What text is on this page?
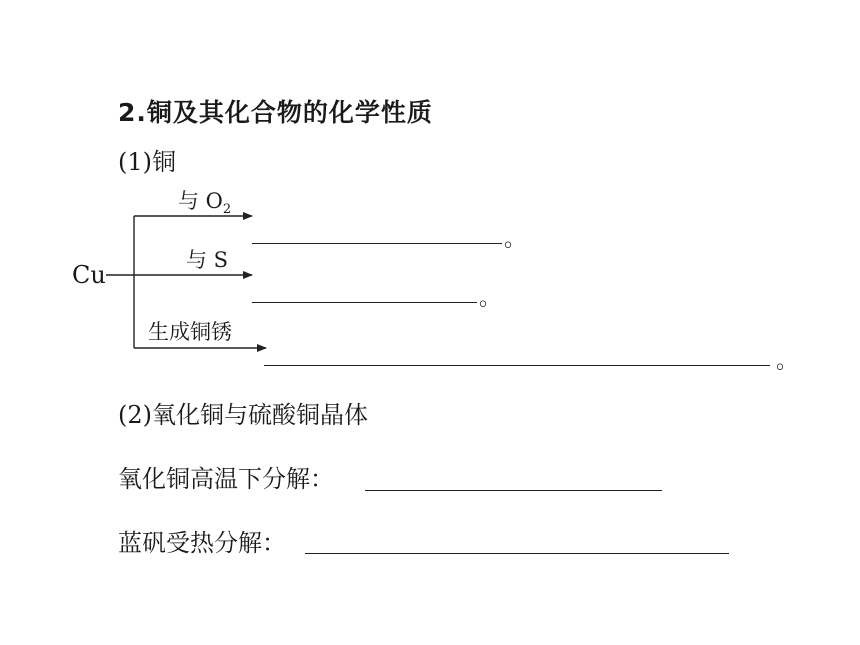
2.铜及其化合物的化学性质
(1)铜
Cu
与 $O_2$
。
与 S
。
生成铜锈
。
(2)氧化铜与硫酸铜晶体
氧化铜高温下分解：
蓝矾受热分解：
